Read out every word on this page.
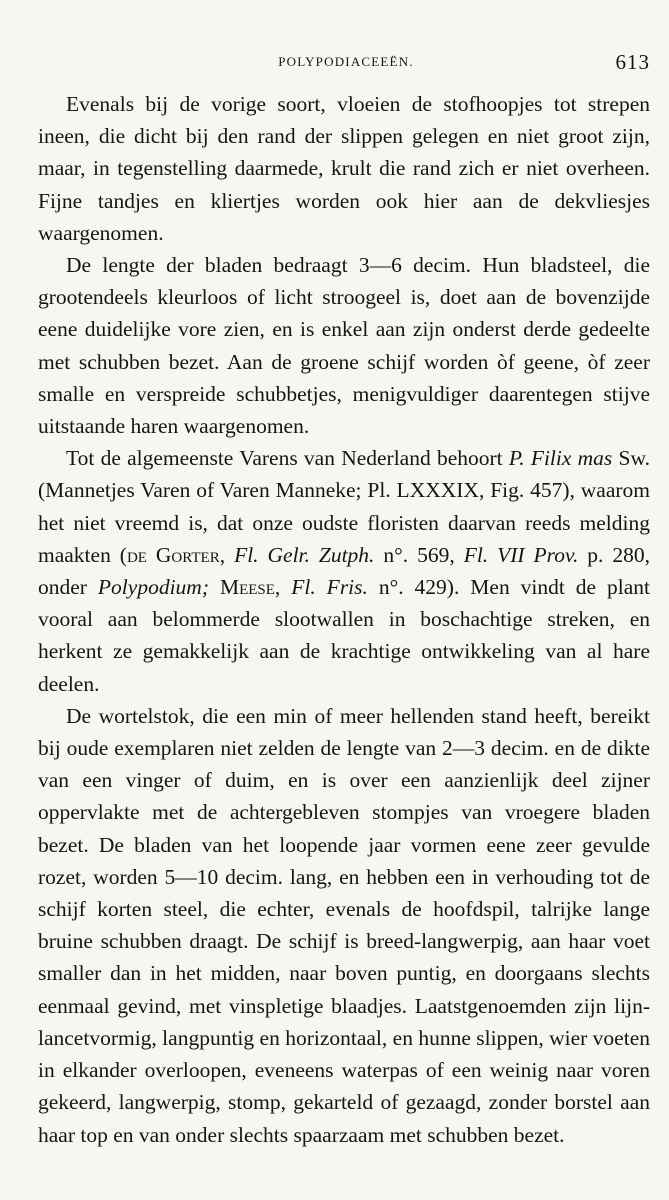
POLYPODIACEEËN.	613

Evenals bij de vorige soort, vloeien de stofhoopjes tot strepen ineen, die dicht bij den rand der slippen gelegen en niet groot zijn, maar, in tegenstelling daarmede, krult die rand zich er niet overheen. Fijne tandjes en kliertjes worden ook hier aan de dekvliesjes waargenomen.

De lengte der bladen bedraagt 3—6 decim. Hun bladsteel, die grootendeels kleurloos of licht stroogeel is, doet aan de bovenzijde eene duidelijke vore zien, en is enkel aan zijn onderst derde gedeelte met schubben bezet. Aan de groene schijf worden òf geene, òf zeer smalle en verspreide schubbetjes, menigvuldiger daarentegen stijve uitstaande haren waargenomen.

Tot de algemeenste Varens van Nederland behoort P. Filix mas Sw. (Mannetjes Varen of Varen Manneke; Pl. LXXXIX, Fig. 457), waarom het niet vreemd is, dat onze oudste floristen daarvan reeds melding maakten (de Gorter, Fl. Gelr. Zutph. n°. 569, Fl. VII Prov. p. 280, onder Polypodium; Meese, Fl. Fris. n°. 429). Men vindt de plant vooral aan belommerde slootwallen in boschachtige streken, en herkent ze gemakkelijk aan de krachtige ontwikkeling van al hare deelen.

De wortelstok, die een min of meer hellenden stand heeft, bereikt bij oude exemplaren niet zelden de lengte van 2—3 decim. en de dikte van een vinger of duim, en is over een aanzienlijk deel zijner oppervlakte met de achtergebleven stompjes van vroegere bladen bezet. De bladen van het loopende jaar vormen eene zeer gevulde rozet, worden 5—10 decim. lang, en hebben een in verhouding tot de schijf korten steel, die echter, evenals de hoofdspil, talrijke lange bruine schubben draagt. De schijf is breed-langwerpig, aan haar voet smaller dan in het midden, naar boven puntig, en doorgaans slechts eenmaal gevind, met vinspletige blaadjes. Laatstgenoemden zijn lijn-lancetvormig, langpuntig en horizontaal, en hunne slippen, wier voeten in elkander overloopen, eveneens waterpas of een weinig naar voren gekeerd, langwerpig, stomp, gekarteld of gezaagd, zonder borstel aan haar top en van onder slechts spaarzaam met schubben bezet.
